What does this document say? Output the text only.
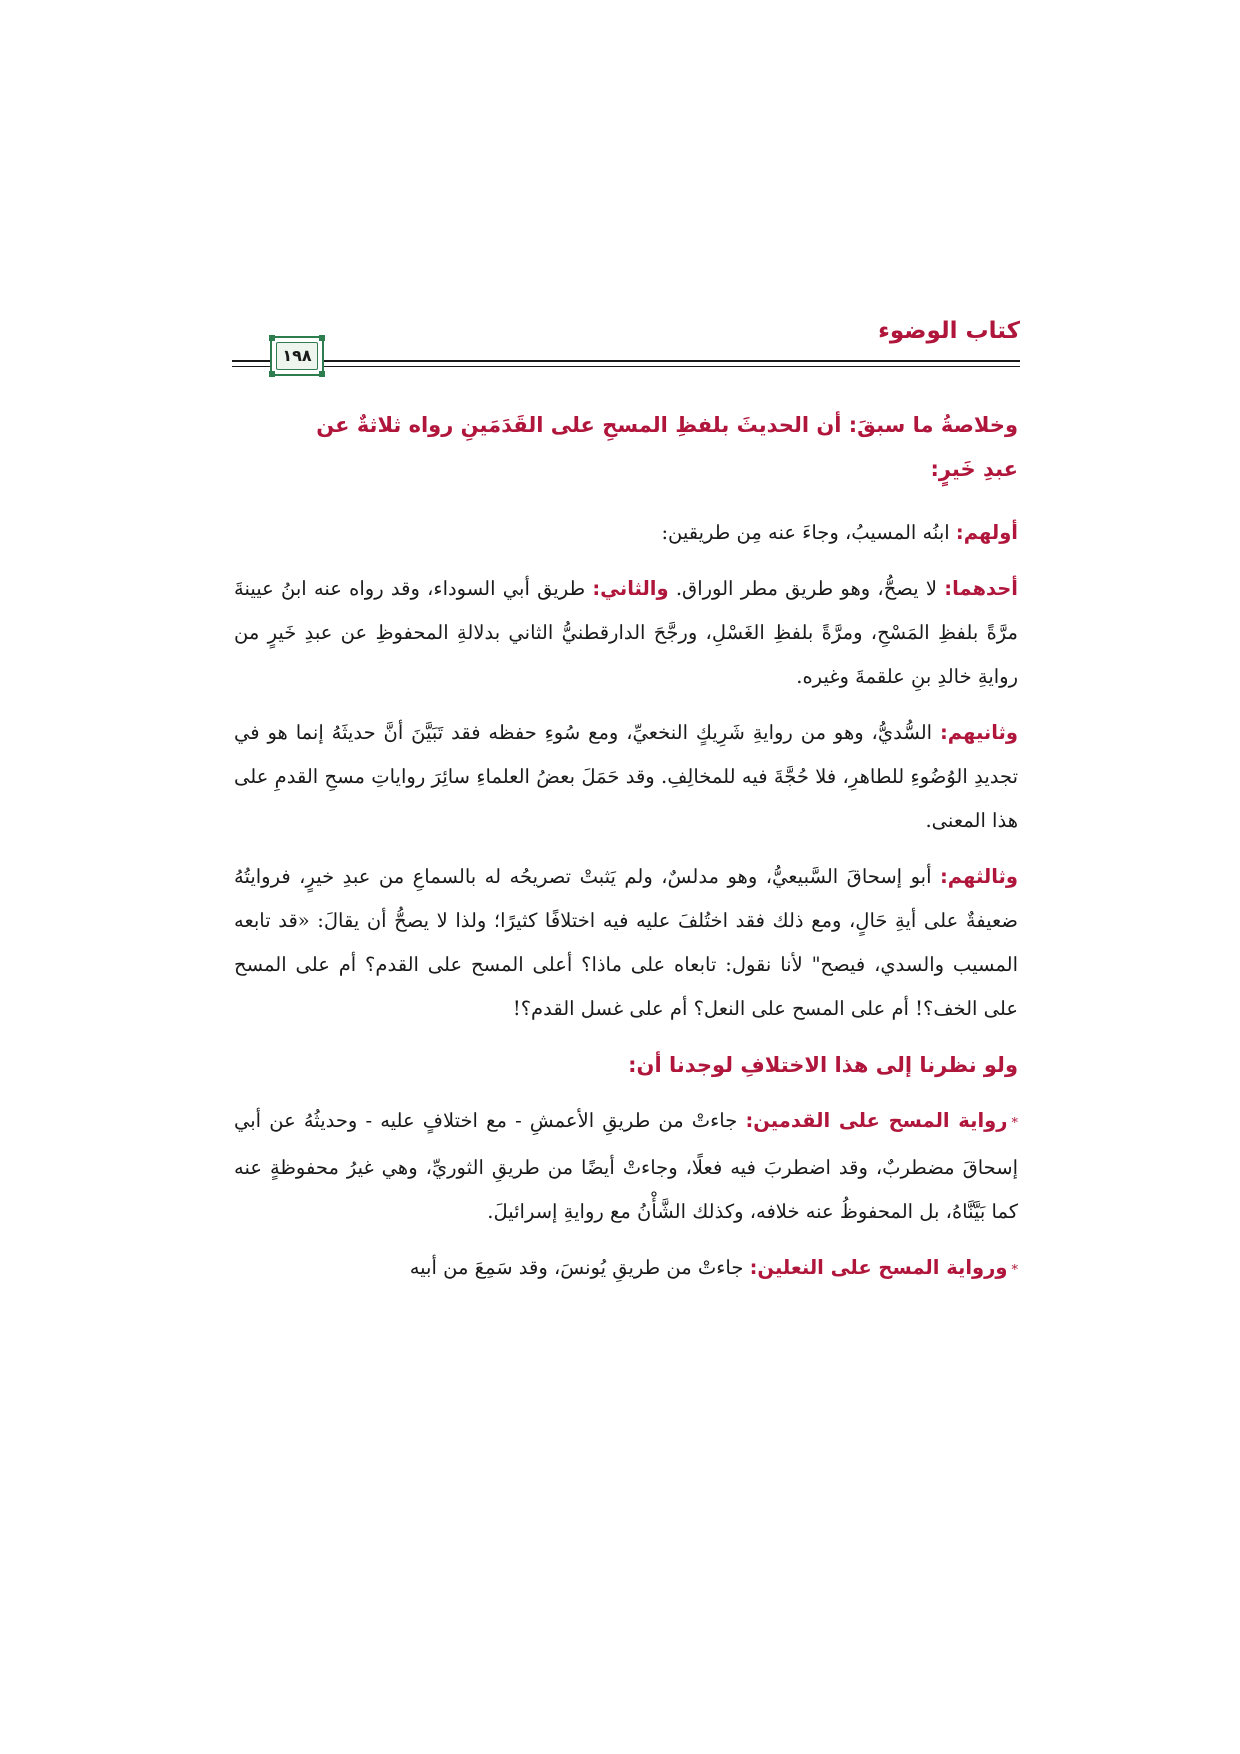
كتاب الوضوء
١٩٨
وخلاصةُ ما سبقَ: أن الحديثَ بلفظِ المسحِ على القَدَمَينِ رواه ثلاثةٌ عن
عبدِ خَيرٍ:

أولهم: ابنُه المسيبُ، وجاءَ عنه مِن طريقين:

أحدهما: لا يصحُّ، وهو طريق مطر الوراق. والثاني: طريق أبي السوداء، وقد رواه عنه ابنُ عيينةَ مرَّةً بلفظِ المَسْحِ، ومرَّةً بلفظِ الغَسْلِ، ورجَّحَ الدارقطنيُّ الثاني بدلالةِ المحفوظِ عن عبدِ خَيرٍ من روايةِ خالدِ بنِ علقمةَ وغيره.

وثانيهم: السُّديُّ، وهو من روايةِ شَرِيكٍ النخعيِّ، ومع سُوءِ حفظه فقد تَبَيَّنَ أنَّ حديثَهُ إنما هو في تجديدِ الوُضُوءِ للطاهرِ، فلا حُجَّةَ فيه للمخالِفِ. وقد حَمَلَ بعضُ العلماءِ سائِرَ رواياتِ مسحِ القدمِ على هذا المعنى.

وثالثهم: أبو إسحاقَ السَّبيعيُّ، وهو مدلسٌ، ولم يَثبتْ تصريحُه له بالسماعِ من عبدِ خيرٍ، فروايتُهُ ضعيفةٌ على أيةِ حَالٍ، ومع ذلك فقد اختُلفَ عليه فيه اختلافًا كثيرًا؛ ولذا لا يصحُّ أن يقالَ: «قد تابعه المسيب والسدي، فيصح" لأنا نقول: تابعاه على ماذا؟ أعلى المسح على القدم؟ أم على المسح على الخف؟! أم على المسح على النعل؟ أم على غسل القدم؟!

ولو نظرنا إلى هذا الاختلافِ لوجدنا أن:

*رواية المسح على القدمين: جاءتْ من طريقِ الأعمشِ - مع اختلافٍ عليه - وحديثُهُ عن أبي إسحاقَ مضطربٌ، وقد اضطربَ فيه فعلًا، وجاءتْ أيضًا من طريقِ الثوريِّ، وهي غيرُ محفوظةٍ عنه كما بَيَّنَّاهُ، بل المحفوظُ عنه خلافه، وكذلك الشَّأْنُ مع روايةِ إسرائيلَ.

*ورواية المسح على النعلين: جاءتْ من طريقِ يُونسَ، وقد سَمِعَ من أبيه
